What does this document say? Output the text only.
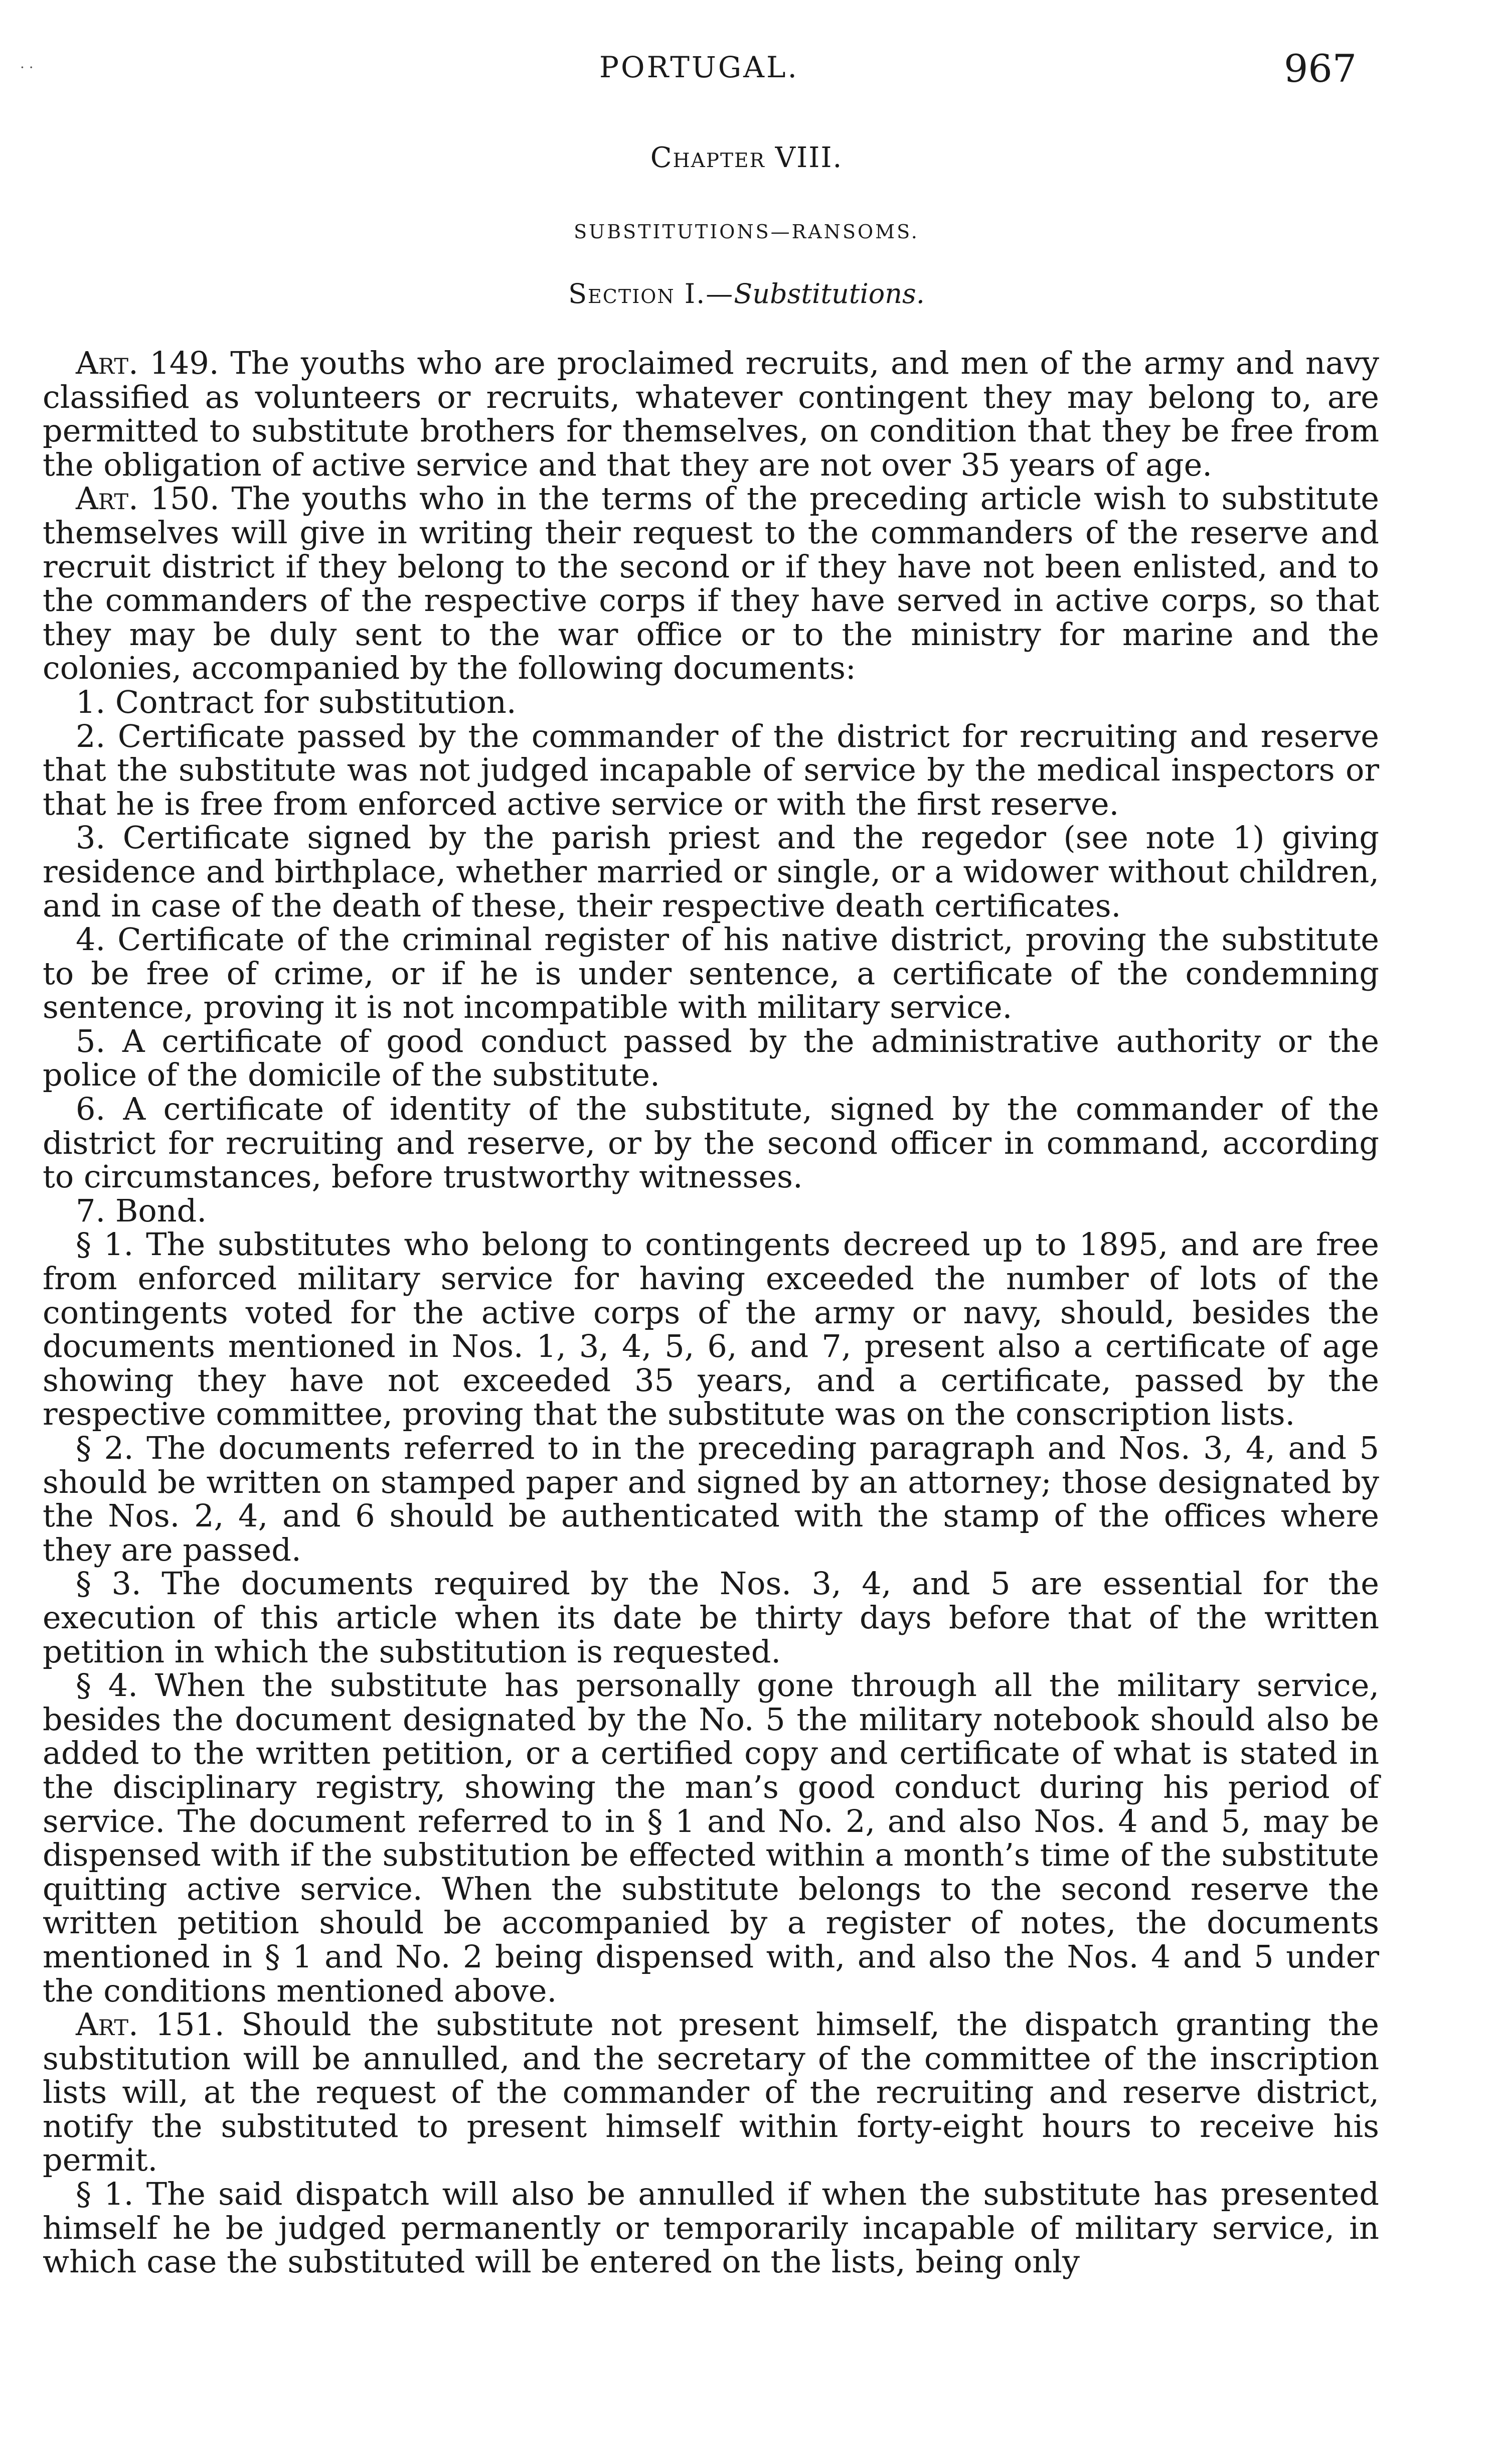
· ·	PORTUGAL.	967
Chapter VIII.
SUBSTITUTIONS—RANSOMS.
Section I.—Substitutions.

Art. 149. The youths who are proclaimed recruits, and men of the army and navy classified as volunteers or recruits, whatever contingent they may belong to, are permitted to substitute brothers for themselves, on condition that they be free from the obligation of active service and that they are not over 35 years of age.

Art. 150. The youths who in the terms of the preceding article wish to substitute themselves will give in writing their request to the commanders of the reserve and recruit district if they belong to the second or if they have not been enlisted, and to the commanders of the respective corps if they have served in active corps, so that they may be duly sent to the war office or to the ministry for marine and the colonies, accompanied by the following documents:

1. Contract for substitution.

2. Certificate passed by the commander of the district for recruiting and reserve that the substitute was not judged incapable of service by the medical inspectors or that he is free from enforced active service or with the first reserve.

3. Certificate signed by the parish priest and the regedor (see note 1) giving residence and birthplace, whether married or single, or a widower without children, and in case of the death of these, their respective death certificates.

4. Certificate of the criminal register of his native district, proving the substitute to be free of crime, or if he is under sentence, a certificate of the condemning sentence, proving it is not incompatible with military service.

5. A certificate of good conduct passed by the administrative authority or the police of the domicile of the substitute.

6. A certificate of identity of the substitute, signed by the commander of the district for recruiting and reserve, or by the second officer in command, according to circumstances, before trustworthy witnesses.

7. Bond.

§ 1. The substitutes who belong to contingents decreed up to 1895, and are free from enforced military service for having exceeded the number of lots of the contingents voted for the active corps of the army or navy, should, besides the documents mentioned in Nos. 1, 3, 4, 5, 6, and 7, present also a certificate of age showing they have not exceeded 35 years, and a certificate, passed by the respective committee, proving that the substitute was on the conscription lists.

§ 2. The documents referred to in the preceding paragraph and Nos. 3, 4, and 5 should be written on stamped paper and signed by an attorney; those designated by the Nos. 2, 4, and 6 should be authenticated with the stamp of the offices where they are passed.

§ 3. The documents required by the Nos. 3, 4, and 5 are essential for the execution of this article when its date be thirty days before that of the written petition in which the substitution is requested.

§ 4. When the substitute has personally gone through all the military service, besides the document designated by the No. 5 the military notebook should also be added to the written petition, or a certified copy and certificate of what is stated in the disciplinary registry, showing the man’s good conduct during his period of service. The document referred to in § 1 and No. 2, and also Nos. 4 and 5, may be dispensed with if the substitution be effected within a month’s time of the substitute quitting active service. When the substitute belongs to the second reserve the written petition should be accompanied by a register of notes, the documents mentioned in § 1 and No. 2 being dispensed with, and also the Nos. 4 and 5 under the conditions mentioned above.

Art. 151. Should the substitute not present himself, the dispatch granting the substitution will be annulled, and the secretary of the committee of the inscription lists will, at the request of the commander of the recruiting and reserve district, notify the substituted to present himself within forty-eight hours to receive his permit.

§ 1. The said dispatch will also be annulled if when the substitute has presented himself he be judged permanently or temporarily incapable of military service, in which case the substituted will be entered on the lists, being only
